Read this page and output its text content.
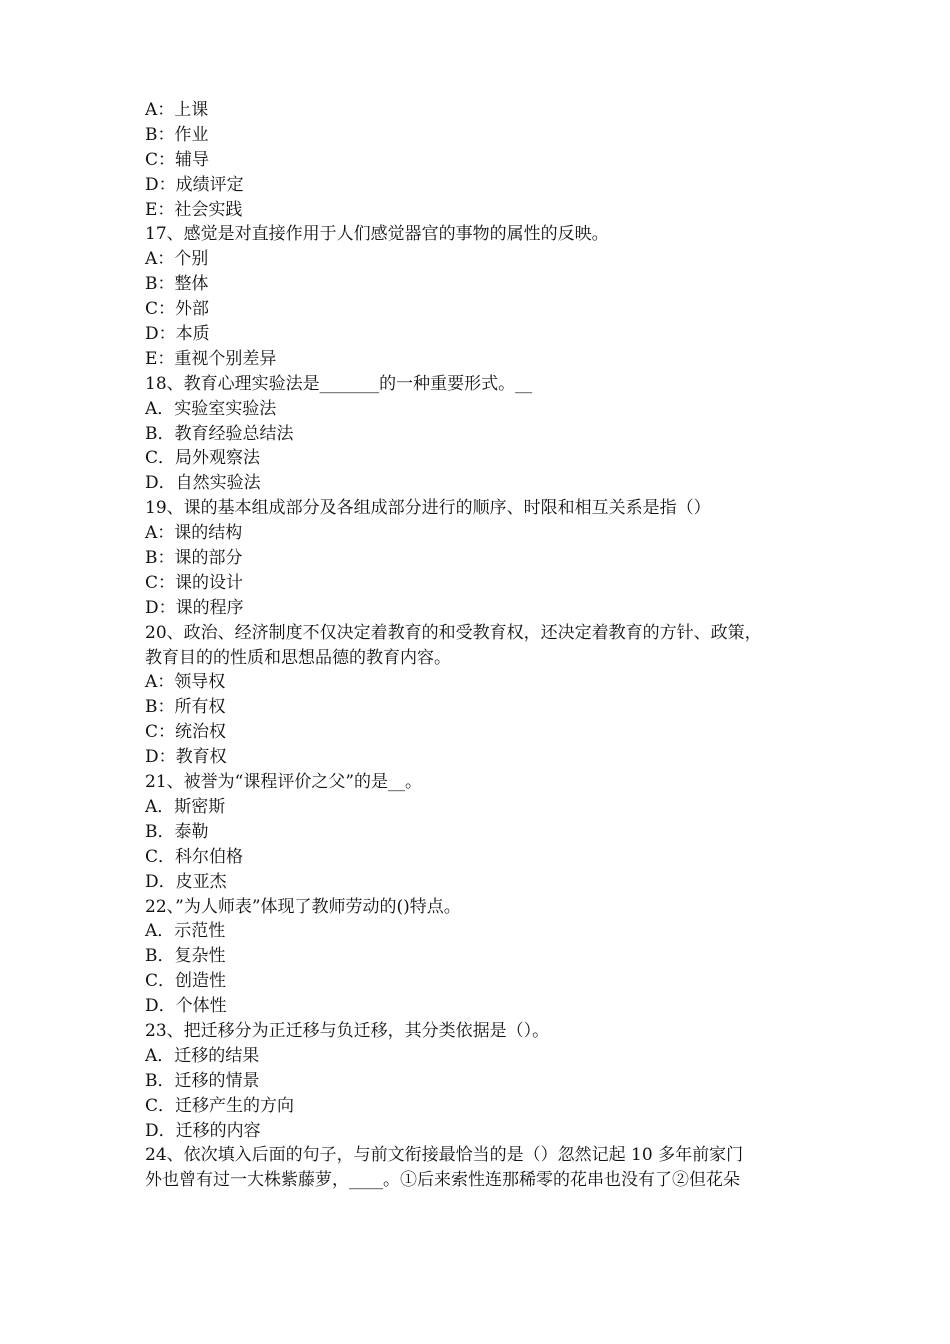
A：上课
B：作业
C：辅导
D：成绩评定
E：社会实践
17、感觉是对直接作用于人们感觉器官的事物的属性的反映。
A：个别
B：整体
C：外部
D：本质
E：重视个别差异
18、教育心理实验法是_______的一种重要形式。__
A．实验室实验法
B．教育经验总结法
C．局外观察法
D．自然实验法
19、课的基本组成部分及各组成部分进行的顺序、时限和相互关系是指（）
A：课的结构
B：课的部分
C：课的设计
D：课的程序
20、政治、经济制度不仅决定着教育的和受教育权，还决定着教育的方针、政策，
教育目的的性质和思想品德的教育内容。
A：领导权
B：所有权
C：统治权
D：教育权
21、被誉为“课程评价之父”的是__。
A．斯密斯
B．泰勒
C．科尔伯格
D．皮亚杰
22、”为人师表”体现了教师劳动的()特点。
A．示范性
B．复杂性
C．创造性
D．个体性
23、把迁移分为正迁移与负迁移，其分类依据是（）。
A．迁移的结果
B．迁移的情景
C．迁移产生的方向
D．迁移的内容
24、依次填入后面的句子，与前文衔接最恰当的是（）忽然记起 10 多年前家门
外也曾有过一大株紫藤萝，____。①后来索性连那稀零的花串也没有了②但花朵
